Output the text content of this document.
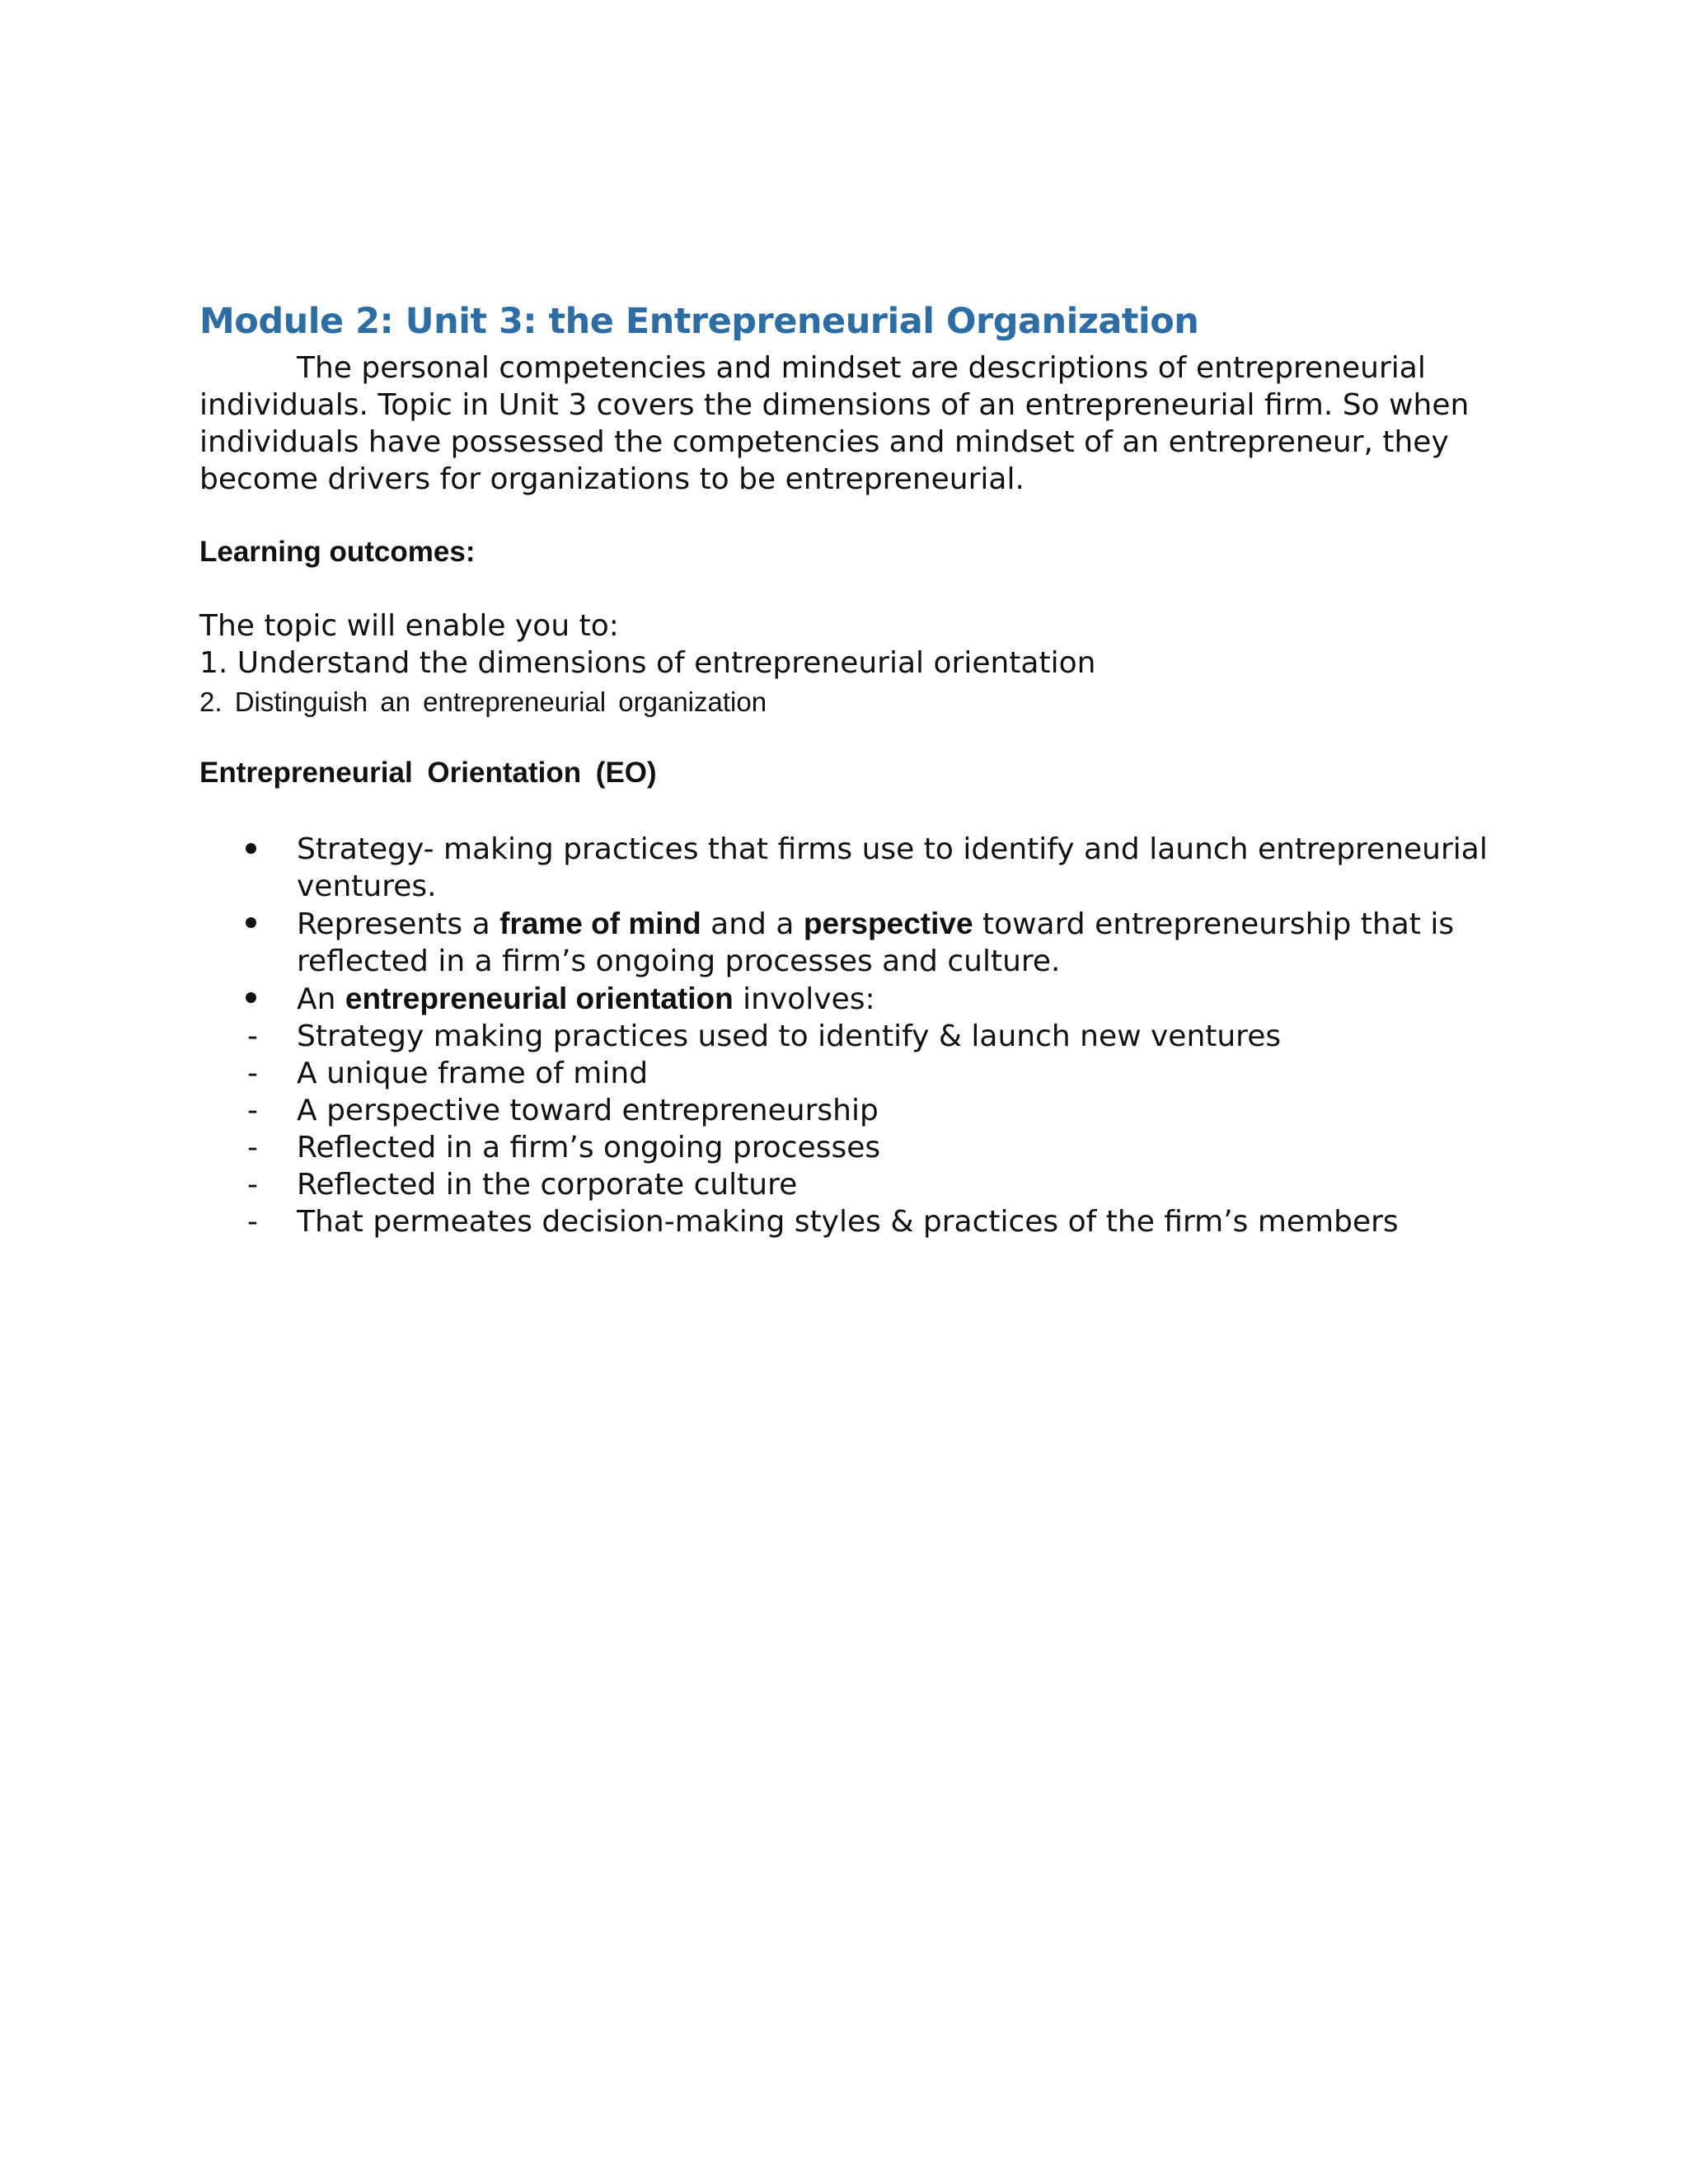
Module 2: Unit 3: the Entrepreneurial Organization

The personal competencies and mindset are descriptions of entrepreneurial
individuals. Topic in Unit 3 covers the dimensions of an entrepreneurial firm. So when
individuals have possessed the competencies and mindset of an entrepreneur, they
become drivers for organizations to be entrepreneurial.

Learning outcomes:

The topic will enable you to:

1. Understand the dimensions of entrepreneurial orientation

2. Distinguish an entrepreneurial organization

Entrepreneurial Orientation (EO)
Strategy- making practices that firms use to identify and launch entrepreneurial
ventures.
Represents a frame of mind and a perspective toward entrepreneurship that is
reflected in a firm’s ongoing processes and culture.
An entrepreneurial orientation involves:
-	Strategy making practices used to identify & launch new ventures
-	A unique frame of mind
-	A perspective toward entrepreneurship
-	Reflected in a firm’s ongoing processes
-	Reflected in the corporate culture
-	That permeates decision-making styles & practices of the firm’s members
